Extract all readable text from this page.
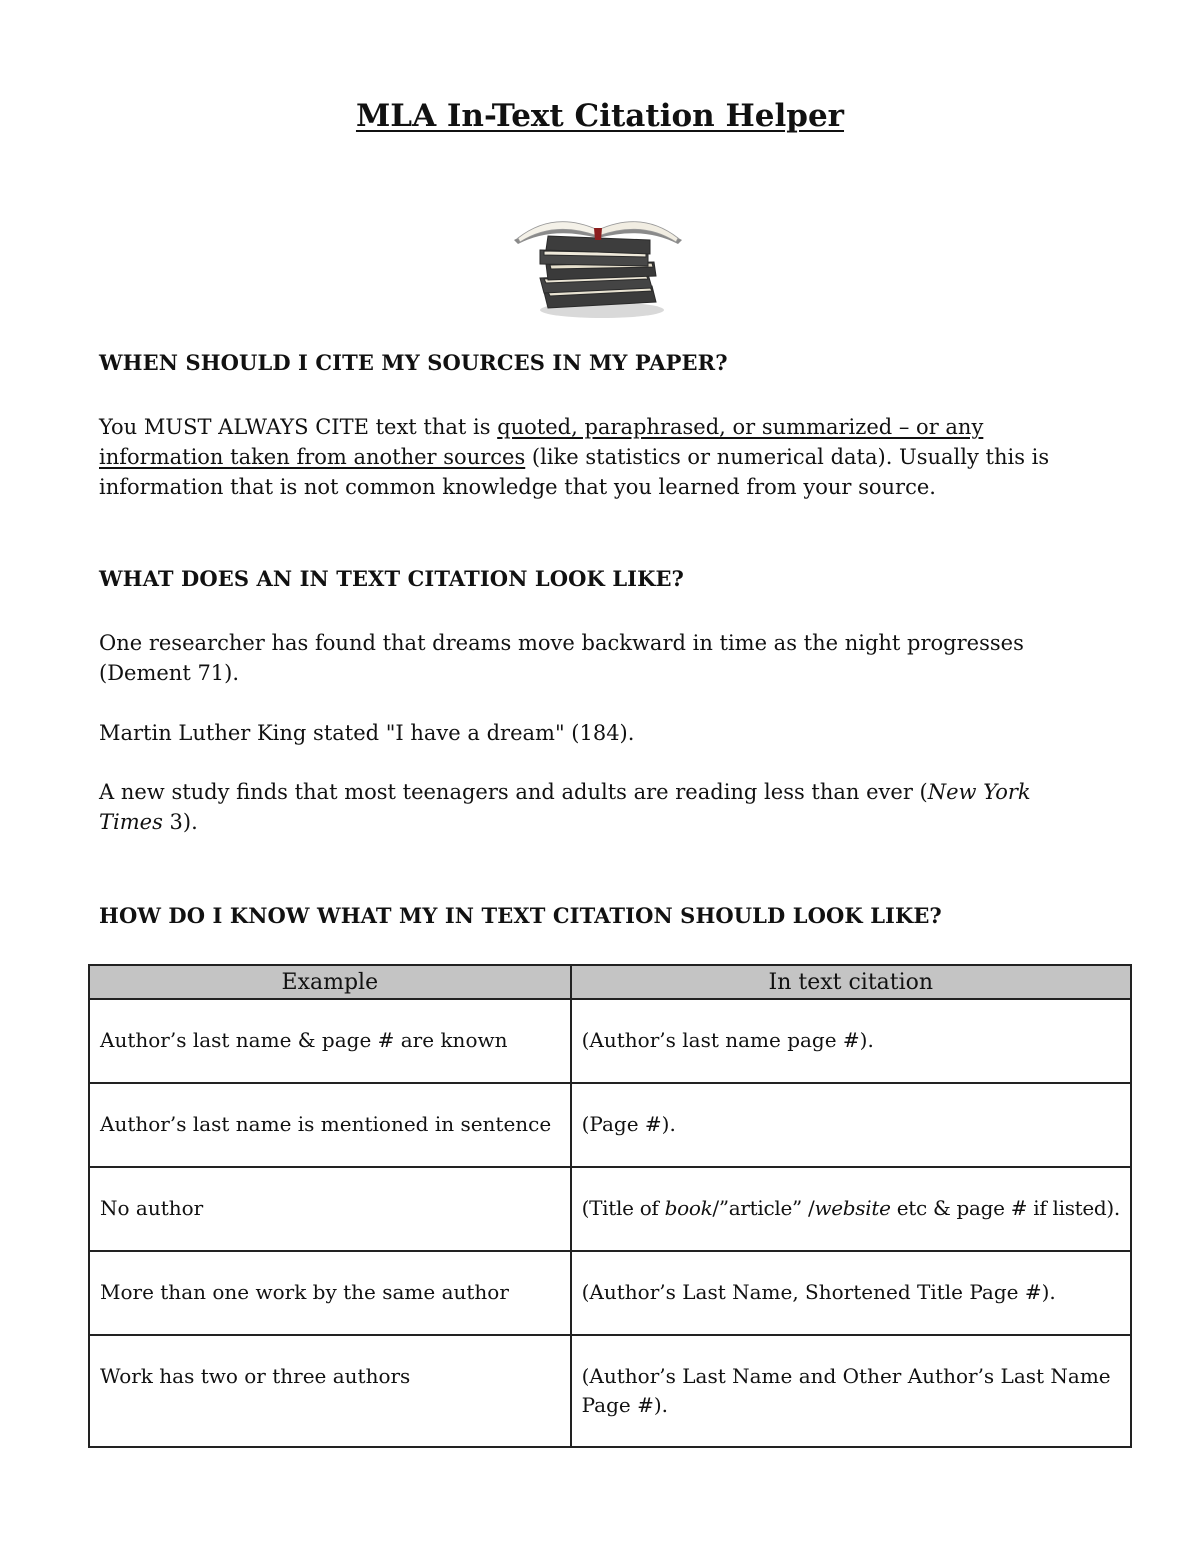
MLA In-Text Citation Helper
WHEN SHOULD I CITE MY SOURCES IN MY PAPER?

You MUST ALWAYS CITE text that is quoted, paraphrased, or summarized – or any information taken from another sources (like statistics or numerical data). Usually this is information that is not common knowledge that you learned from your source.

WHAT DOES AN IN TEXT CITATION LOOK LIKE?

One researcher has found that dreams move backward in time as the night progresses (Dement 71).

Martin Luther King stated "I have a dream" (184).

A new study finds that most teenagers and adults are reading less than ever (New York Times 3).

HOW DO I KNOW WHAT MY IN TEXT CITATION SHOULD LOOK LIKE?
Example	In text citation
Author’s last name & page # are known	(Author’s last name page #).
Author’s last name is mentioned in sentence	(Page #).
No author	(Title of book/”article” /website etc & page # if listed).
More than one work by the same author	(Author’s Last Name, Shortened Title Page #).
Work has two or three authors	(Author’s Last Name and Other Author’s Last Name Page #).
